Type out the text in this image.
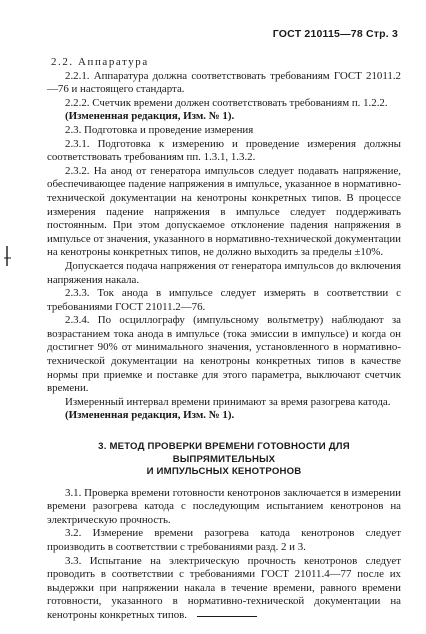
ГОСТ 210115—78 Стр. 3

2.2. Аппаратура

2.2.1. Аппаратура должна соответствовать требованиям ГОСТ 21011.2—76 и настоящего стандарта.

2.2.2. Счетчик времени должен соответствовать требованиям п. 1.2.2.

(Измененная редакция, Изм. № 1).

2.3. Подготовка и проведение измерения

2.3.1. Подготовка к измерению и проведение измерения должны соответствовать требованиям пп. 1.3.1, 1.3.2.

2.3.2. На анод от генератора импульсов следует подавать напряжение, обеспечивающее падение напряжения в импульсе, указанное в нормативно-технической документации на кенотроны конкретных типов. В процессе измерения падение напряжения в импульсе следует поддерживать постоянным. При этом допускаемое отклонение падения напряжения в импульсе от значения, указанного в нормативно-технической документации на кенотроны конкретных типов, не должно выходить за пределы ±10%.

Допускается подача напряжения от генератора импульсов до включения напряжения накала.

2.3.3. Ток анода в импульсе следует измерять в соответствии с требованиями ГОСТ 21011.2—76.

2.3.4. По осциллографу (импульсному вольтметру) наблюдают за возрастанием тока анода в импульсе (тока эмиссии в импульсе) и когда он достигнет 90% от минимального значения, установленного в нормативно-технической документации на кенотроны конкретных типов в качестве нормы при приемке и поставке для этого параметра, выключают счетчик времени.

Измеренный интервал времени принимают за время разогрева катода.

(Измененная редакция, Изм. № 1).

3. МЕТОД ПРОВЕРКИ ВРЕМЕНИ ГОТОВНОСТИ ДЛЯ ВЫПРЯМИТЕЛЬНЫХ
И ИМПУЛЬСНЫХ КЕНОТРОНОВ

3.1. Проверка времени готовности кенотронов заключается в измерении времени разогрева катода с последующим испытанием кенотронов на электрическую прочность.

3.2. Измерение времени разогрева катода кенотронов следует производить в соответствии с требованиями разд. 2 и 3.

3.3. Испытание на электрическую прочность кенотронов следует проводить в соответствии с требованиями ГОСТ 21011.4—77 после их выдержки при напряжении накала в течение времени, равного времени готовности, указанного в нормативно-технической документации на кенотроны конкретных типов.
